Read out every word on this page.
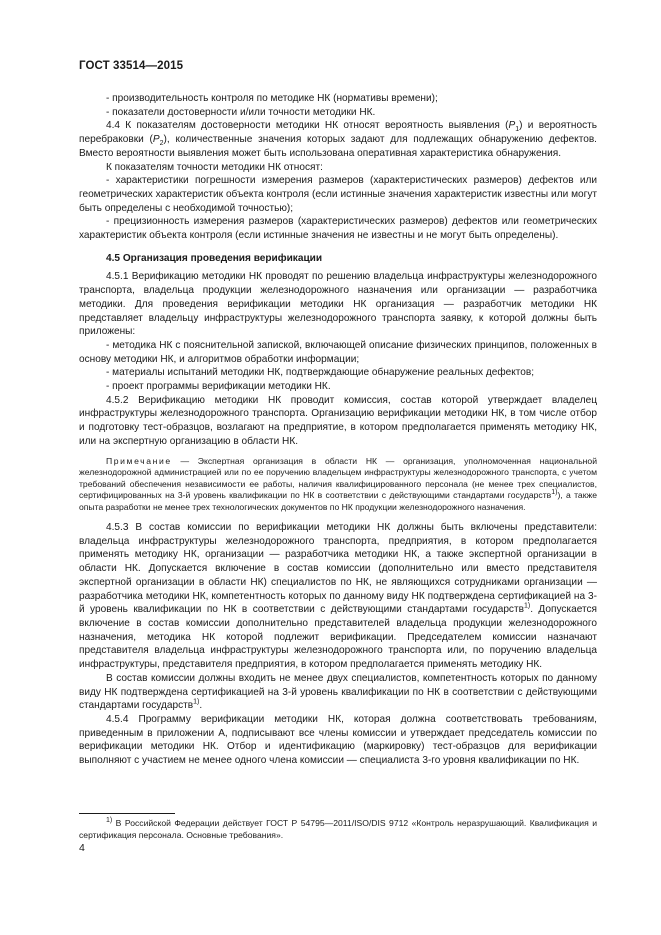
ГОСТ 33514—2015

- производительность контроля по методике НК (нормативы времени);

- показатели достоверности и/или точности методики НК.

4.4 К показателям достоверности методики НК относят вероятность выявления $(P_1)$ и вероятность перебраковки $(P_2)$, количественные значения которых задают для подлежащих обнаружению дефектов. Вместо вероятности выявления может быть использована оперативная характеристика обнаружения.

К показателям точности методики НК относят:

- характеристики погрешности измерения размеров (характеристических размеров) дефектов или геометрических характеристик объекта контроля (если истинные значения характеристик известны или могут быть определены с необходимой точностью);

- прецизионность измерения размеров (характеристических размеров) дефектов или геометрических характеристик объекта контроля (если истинные значения не известны и не могут быть определены).

4.5 Организация проведения верификации

4.5.1 Верификацию методики НК проводят по решению владельца инфраструктуры железнодорожного транспорта, владельца продукции железнодорожного назначения или организации — разработчика методики. Для проведения верификации методики НК организация — разработчик методики НК представляет владельцу инфраструктуры железнодорожного транспорта заявку, к которой должны быть приложены:

- методика НК с пояснительной запиской, включающей описание физических принципов, положенных в основу методики НК, и алгоритмов обработки информации;

- материалы испытаний методики НК, подтверждающие обнаружение реальных дефектов;

- проект программы верификации методики НК.

4.5.2 Верификацию методики НК проводит комиссия, состав которой утверждает владелец инфраструктуры железнодорожного транспорта. Организацию верификации методики НК, в том числе отбор и подготовку тест-образцов, возлагают на предприятие, в котором предполагается применять методику НК, или на экспертную организацию в области НК.

Примечание — Экспертная организация в области НК — организация, уполномоченная национальной железнодорожной администрацией или по ее поручению владельцем инфраструктуры железнодорожного транспорта, с учетом требований обеспечения независимости ее работы, наличия квалифицированного персонала (не менее трех специалистов, сертифицированных на 3-й уровень квалификации по НК в соответствии с действующими стандартами государств$^{1)}$), а также опыта разработки не менее трех технологических документов по НК продукции железнодорожного назначения.

4.5.3 В состав комиссии по верификации методики НК должны быть включены представители: владельца инфраструктуры железнодорожного транспорта, предприятия, в котором предполагается применять методику НК, организации — разработчика методики НК, а также экспертной организации в области НК. Допускается включение в состав комиссии (дополнительно или вместо представителя экспертной организации в области НК) специалистов по НК, не являющихся сотрудниками организации — разработчика методики НК, компетентность которых по данному виду НК подтверждена сертификацией на 3-й уровень квалификации по НК в соответствии с действующими стандартами государств$^{1)}$. Допускается включение в состав комиссии дополнительно представителей владельца продукции железнодорожного назначения, методика НК которой подлежит верификации. Председателем комиссии назначают представителя владельца инфраструктуры железнодорожного транспорта или, по поручению владельца инфраструктуры, представителя предприятия, в котором предполагается применять методику НК.

В состав комиссии должны входить не менее двух специалистов, компетентность которых по данному виду НК подтверждена сертификацией на 3-й уровень квалификации по НК в соответствии с действующими стандартами государств$^{1)}$.

4.5.4 Программу верификации методики НК, которая должна соответствовать требованиям, приведенным в приложении А, подписывают все члены комиссии и утверждает председатель комиссии по верификации методики НК. Отбор и идентификацию (маркировку) тест-образцов для верификации выполняют с участием не менее одного члена комиссии — специалиста 3-го уровня квалификации по НК.

$^{1)}$ В Российской Федерации действует ГОСТ Р 54795—2011/ISO/DIS 9712 «Контроль неразрушающий. Квалификация и сертификация персонала. Основные требования».

4
